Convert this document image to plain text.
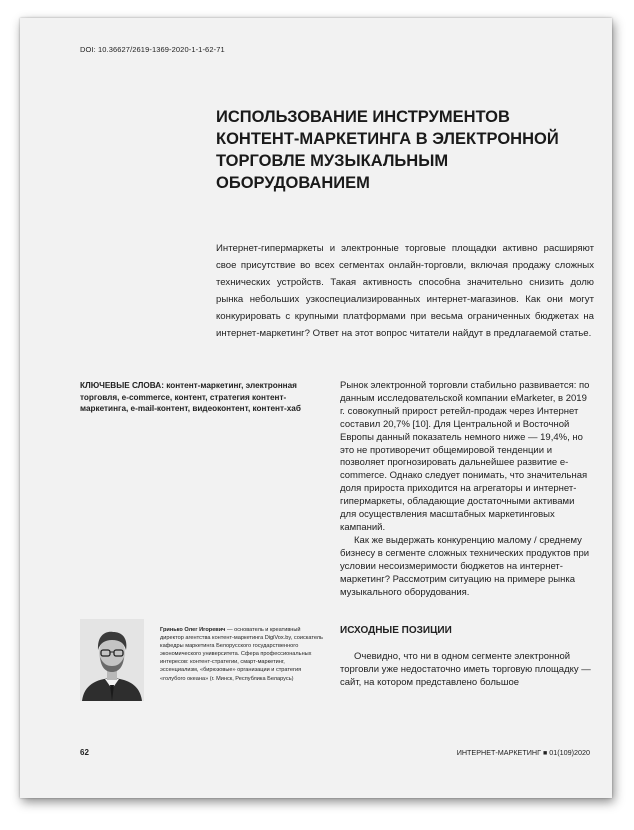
DOI: 10.36627/2619-1369-2020-1-1-62-71
ИСПОЛЬЗОВАНИЕ ИНСТРУМЕНТОВ КОНТЕНТ-МАРКЕТИНГА В ЭЛЕКТРОННОЙ ТОРГОВЛЕ МУЗЫКАЛЬНЫМ ОБОРУДОВАНИЕМ

Интернет-гипермаркеты и электронные торговые площадки активно расширяют свое присутствие во всех сегментах онлайн-торговли, включая продажу сложных технических устройств. Такая активность способна значительно снизить долю рынка небольших узкоспециализированных интернет-магазинов. Как они могут конкурировать с крупными платформами при весьма ограниченных бюджетах на интернет-маркетинг? Ответ на этот вопрос читатели найдут в предлагаемой статье.

КЛЮЧЕВЫЕ СЛОВА: контент-маркетинг, электронная торговля, e-commerce, контент, стратегия контент-маркетинга, e-mail-контент, видеоконтент, контент-хаб

Рынок электронной торговли стабильно развивается: по данным исследовательской компании eMarketer, в 2019 г. совокупный прирост ретейл-продаж через Интернет составил 20,7% [10]. Для Центральной и Восточной Европы данный показатель немного ниже — 19,4%, но это не противоречит общемировой тенденции и позволяет прогнозировать дальнейшее развитие e-commerce. Однако следует понимать, что значительная доля прироста приходится на агрегаторы и интернет-гипермаркеты, обладающие достаточными активами для осуществления масштабных маркетинговых кампаний.

Как же выдержать конкуренцию малому / среднему бизнесу в сегменте сложных технических продуктов при условии несоизмеримости бюджетов на интернет-маркетинг? Рассмотрим ситуацию на примере рынка музыкального оборудования.

ИСХОДНЫЕ ПОЗИЦИИ

Очевидно, что ни в одном сегменте электронной торговли уже недостаточно иметь торговую площадку — сайт, на котором представлено большое

Гринько Олег Игоревич — основатель и креативный директор агентства контент-маркетинга DigiVox.by, соискатель кафедры маркетинга Белорусского государственного экономического университета. Сфера профессиональных интересов: контент-стратегии, смарт-маркетинг, эссенциализм, «бирюзовые» организации и стратегия «голубого океана» (г. Минск, Республика Беларусь)

62	ИНТЕРНЕТ-МАРКЕТИНГ ■ 01(109)2020
